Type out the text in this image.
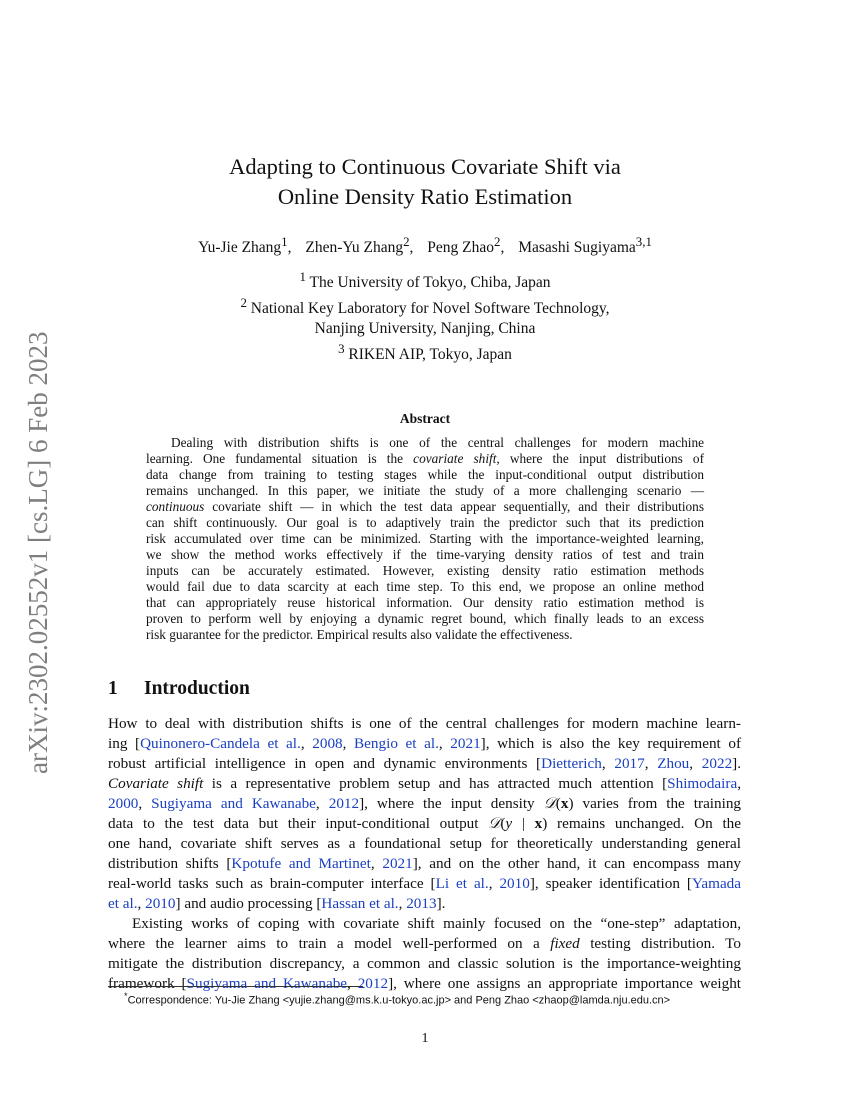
arXiv:2302.02552v1 [cs.LG] 6 Feb 2023
Adapting to Continuous Covariate Shift via
Online Density Ratio Estimation
Yu-Jie Zhang$^1$, Zhen-Yu Zhang$^2$, Peng Zhao$^2$, Masashi Sugiyama$^{3,1}$
$^1$ The University of Tokyo, Chiba, Japan
$^2$ National Key Laboratory for Novel Software Technology,
Nanjing University, Nanjing, China
$^3$ RIKEN AIP, Tokyo, Japan
Abstract
Dealing with distribution shifts is one of the central challenges for modern machine
learning. One fundamental situation is the covariate shift, where the input distributions of
data change from training to testing stages while the input-conditional output distribution
remains unchanged. In this paper, we initiate the study of a more challenging scenario —
continuous covariate shift — in which the test data appear sequentially, and their distributions
can shift continuously. Our goal is to adaptively train the predictor such that its prediction
risk accumulated over time can be minimized. Starting with the importance-weighted learning,
we show the method works effectively if the time-varying density ratios of test and train
inputs can be accurately estimated. However, existing density ratio estimation methods
would fail due to data scarcity at each time step. To this end, we propose an online method
that can appropriately reuse historical information. Our density ratio estimation method is
proven to perform well by enjoying a dynamic regret bound, which finally leads to an excess
risk guarantee for the predictor. Empirical results also validate the effectiveness.
1 Introduction
How to deal with distribution shifts is one of the central challenges for modern machine learn-
ing [Quinonero-Candela et al., 2008, Bengio et al., 2021], which is also the key requirement of
robust artificial intelligence in open and dynamic environments [Dietterich, 2017, Zhou, 2022].
Covariate shift is a representative problem setup and has attracted much attention [Shimodaira,
2000, Sugiyama and Kawanabe, 2012], where the input density 𝒟(x) varies from the training
data to the test data but their input-conditional output 𝒟(y | x) remains unchanged. On the
one hand, covariate shift serves as a foundational setup for theoretically understanding general
distribution shifts [Kpotufe and Martinet, 2021], and on the other hand, it can encompass many
real-world tasks such as brain-computer interface [Li et al., 2010], speaker identification [Yamada
et al., 2010] and audio processing [Hassan et al., 2013].
Existing works of coping with covariate shift mainly focused on the “one-step” adaptation,
where the learner aims to train a model well-performed on a fixed testing distribution. To
mitigate the distribution discrepancy, a common and classic solution is the importance-weighting
framework [Sugiyama and Kawanabe, 2012], where one assigns an appropriate importance weight
*Correspondence: Yu-Jie Zhang <yujie.zhang@ms.k.u-tokyo.ac.jp> and Peng Zhao <zhaop@lamda.nju.edu.cn>
1
